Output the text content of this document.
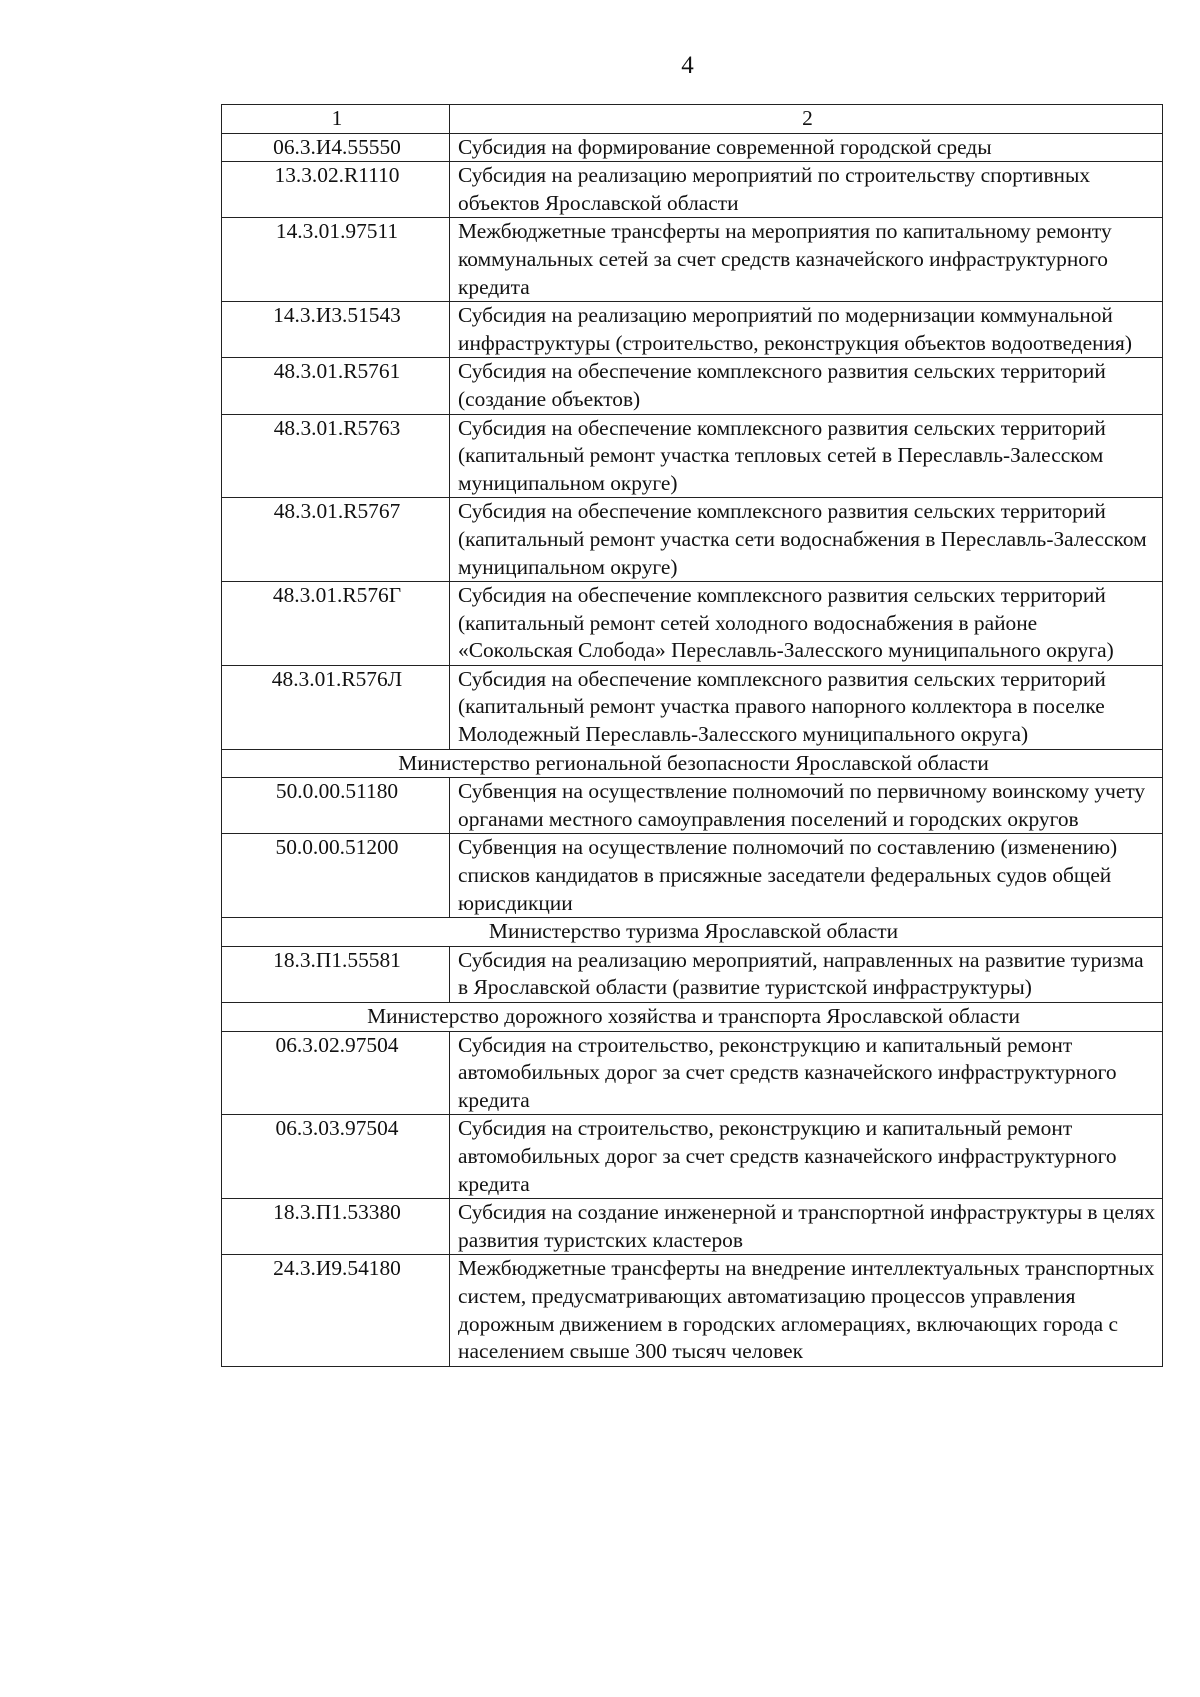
4
1	2
06.3.И4.55550	Субсидия на формирование современной городской среды
13.3.02.R1110	Субсидия на реализацию мероприятий по строительству спортивных объектов Ярославской области
14.3.01.97511	Межбюджетные трансферты на мероприятия по капитальному ремонту коммунальных сетей за счет средств казначейского инфраструктурного кредита
14.3.И3.51543	Субсидия на реализацию мероприятий по модернизации коммунальной инфраструктуры (строительство, реконструкция объектов водоотведения)
48.3.01.R5761	Субсидия на обеспечение комплексного развития сельских территорий (создание объектов)
48.3.01.R5763	Субсидия на обеспечение комплексного развития сельских территорий (капитальный ремонт участка тепловых сетей в Переславль-Залесском муниципальном округе)
48.3.01.R5767	Субсидия на обеспечение комплексного развития сельских территорий (капитальный ремонт участка сети водоснабжения в Переславль-Залесском муниципальном округе)
48.3.01.R576Г	Субсидия на обеспечение комплексного развития сельских территорий (капитальный ремонт сетей холодного водоснабжения в районе «Сокольская Слобода» Переславль-Залесского муниципального округа)
48.3.01.R576Л	Субсидия на обеспечение комплексного развития сельских территорий (капитальный ремонт участка правого напорного коллектора в поселке Молодежный Переславль-Залесского муниципального округа)
Министерство региональной безопасности Ярославской области	
50.0.00.51180	Субвенция на осуществление полномочий по первичному воинскому учету органами местного самоуправления поселений и городских округов
50.0.00.51200	Субвенция на осуществление полномочий по составлению (изменению) списков кандидатов в присяжные заседатели федеральных судов общей юрисдикции
Министерство туризма Ярославской области	
18.3.П1.55581	Субсидия на реализацию мероприятий, направленных на развитие туризма в Ярославской области (развитие туристской инфраструктуры)
Министерство дорожного хозяйства и транспорта Ярославской области	
06.3.02.97504	Субсидия на строительство, реконструкцию и капитальный ремонт автомобильных дорог за счет средств казначейского инфраструктурного кредита
06.3.03.97504	Субсидия на строительство, реконструкцию и капитальный ремонт автомобильных дорог за счет средств казначейского инфраструктурного кредита
18.3.П1.53380	Субсидия на создание инженерной и транспортной инфраструктуры в целях развития туристских кластеров
24.3.И9.54180	Межбюджетные трансферты на внедрение интеллектуальных транспортных систем, предусматривающих автоматизацию процессов управления дорожным движением в городских агломерациях, включающих города с населением свыше 300 тысяч человек
